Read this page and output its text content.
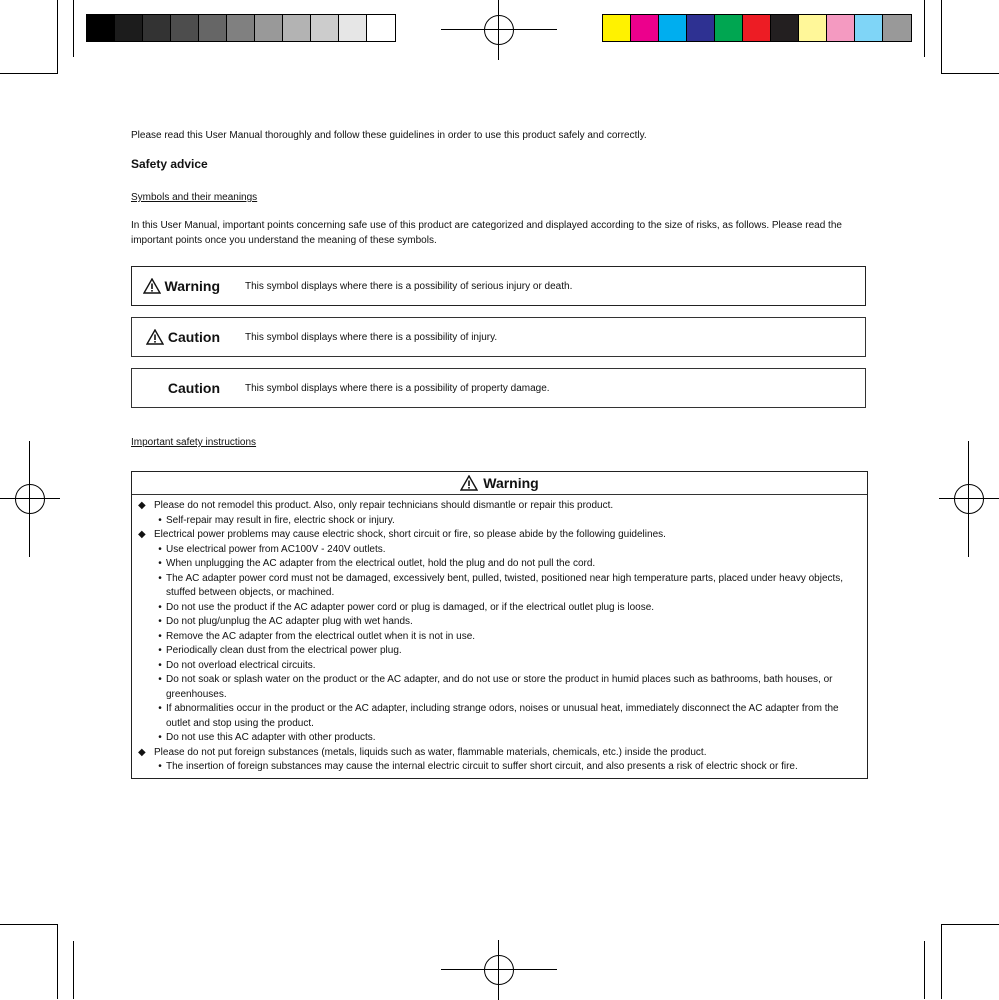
Please read this User Manual thoroughly and follow these guidelines in order to use this product safely and correctly.
Safety advice
Symbols and their meanings
In this User Manual, important points concerning safe use of this product are categorized and displayed according to the size of risks, as follows. Please read the important points once you understand the meaning of these symbols.
Warning	This symbol displays where there is a possibility of serious injury or death.
Caution	This symbol displays where there is a possibility of injury.
Caution	This symbol displays where there is a possibility of property damage.
Important safety instructions
Warning
◆ Please do not remodel this product. Also, only repair technicians should dismantle or repair this product.
• Self-repair may result in fire, electric shock or injury.
◆ Electrical power problems may cause electric shock, short circuit or fire, so please abide by the following guidelines.
• Use electrical power from AC100V - 240V outlets.
• When unplugging the AC adapter from the electrical outlet, hold the plug and do not pull the cord.
• The AC adapter power cord must not be damaged, excessively bent, pulled, twisted, positioned near high temperature parts, placed under heavy objects, stuffed between objects, or machined.
• Do not use the product if the AC adapter power cord or plug is damaged, or if the electrical outlet plug is loose.
• Do not plug/unplug the AC adapter plug with wet hands.
• Remove the AC adapter from the electrical outlet when it is not in use.
• Periodically clean dust from the electrical power plug.
• Do not overload electrical circuits.
• Do not soak or splash water on the product or the AC adapter, and do not use or store the product in humid places such as bathrooms, bath houses, or greenhouses.
• If abnormalities occur in the product or the AC adapter, including strange odors, noises or unusual heat, immediately disconnect the AC adapter from the outlet and stop using the product.
• Do not use this AC adapter with other products.
◆ Please do not put foreign substances (metals, liquids such as water, flammable materials, chemicals, etc.) inside the product.
• The insertion of foreign substances may cause the internal electric circuit to suffer short circuit, and also presents a risk of electric shock or fire.
